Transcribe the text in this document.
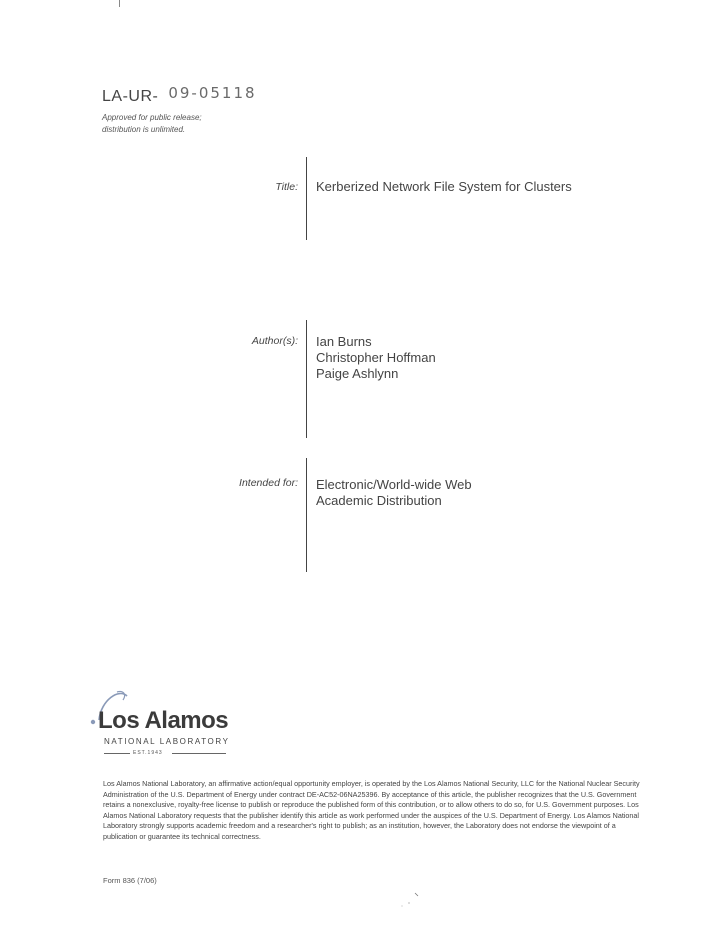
LA-UR- 09-05118
Approved for public release;
distribution is unlimited.
Title: Kerberized Network File System for Clusters
Author(s): Ian Burns
Christopher Hoffman
Paige Ashlynn
Intended for: Electronic/World-wide Web
Academic Distribution
Los Alamos
NATIONAL LABORATORY
EST.1943
Los Alamos National Laboratory, an affirmative action/equal opportunity employer, is operated by the Los Alamos National Security, LLC for the National Nuclear Security Administration of the U.S. Department of Energy under contract DE-AC52-06NA25396. By acceptance of this article, the publisher recognizes that the U.S. Government retains a nonexclusive, royalty-free license to publish or reproduce the published form of this contribution, or to allow others to do so, for U.S. Government purposes. Los Alamos National Laboratory requests that the publisher identify this article as work performed under the auspices of the U.S. Department of Energy. Los Alamos National Laboratory strongly supports academic freedom and a researcher's right to publish; as an institution, however, the Laboratory does not endorse the viewpoint of a publication or guarantee its technical correctness.
Form 836 (7/06)
